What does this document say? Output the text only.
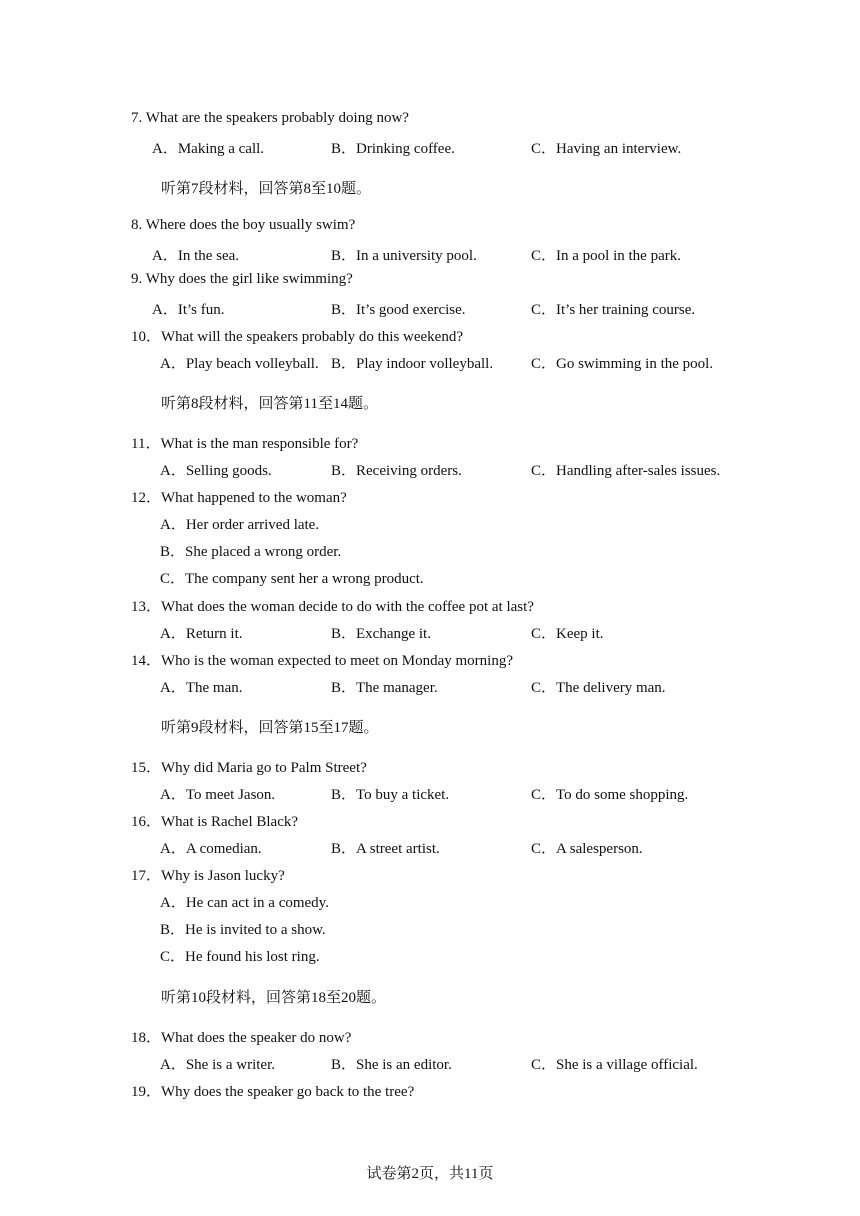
7. What are the speakers probably doing now?
A．Making a call.	B．Drinking coffee.	C．Having an interview.
听第7段材料，回答第8至10题。
8. Where does the boy usually swim?
A．In the sea.	B．In a university pool.	C．In a pool in the park.
9. Why does the girl like swimming?
A．It’s fun.	B．It’s good exercise.	C．It’s her training course.
10．What will the speakers probably do this weekend?
A．Play beach volleyball. B．Play indoor volleyball.	C．Go swimming in the pool.
听第8段材料，回答第11至14题。
11．What is the man responsible for?
A．Selling goods.	B．Receiving orders.	C．Handling after-sales issues.
12．What happened to the woman?
A．Her order arrived late.
B．She placed a wrong order.
C．The company sent her a wrong product.
13．What does the woman decide to do with the coffee pot at last?
A．Return it.	B．Exchange it.	C．Keep it.
14．Who is the woman expected to meet on Monday morning?
A．The man.	B．The manager.	C．The delivery man.
听第9段材料，回答第15至17题。
15．Why did Maria go to Palm Street?
A．To meet Jason.	B．To buy a ticket.	C．To do some shopping.
16．What is Rachel Black?
A．A comedian.	B．A street artist.	C．A salesperson.
17．Why is Jason lucky?
A．He can act in a comedy.
B．He is invited to a show.
C．He found his lost ring.
听第10段材料，回答第18至20题。
18．What does the speaker do now?
A．She is a writer.	B．She is an editor.	C．She is a village official.
19．Why does the speaker go back to the tree?
试卷第2页，共11页
